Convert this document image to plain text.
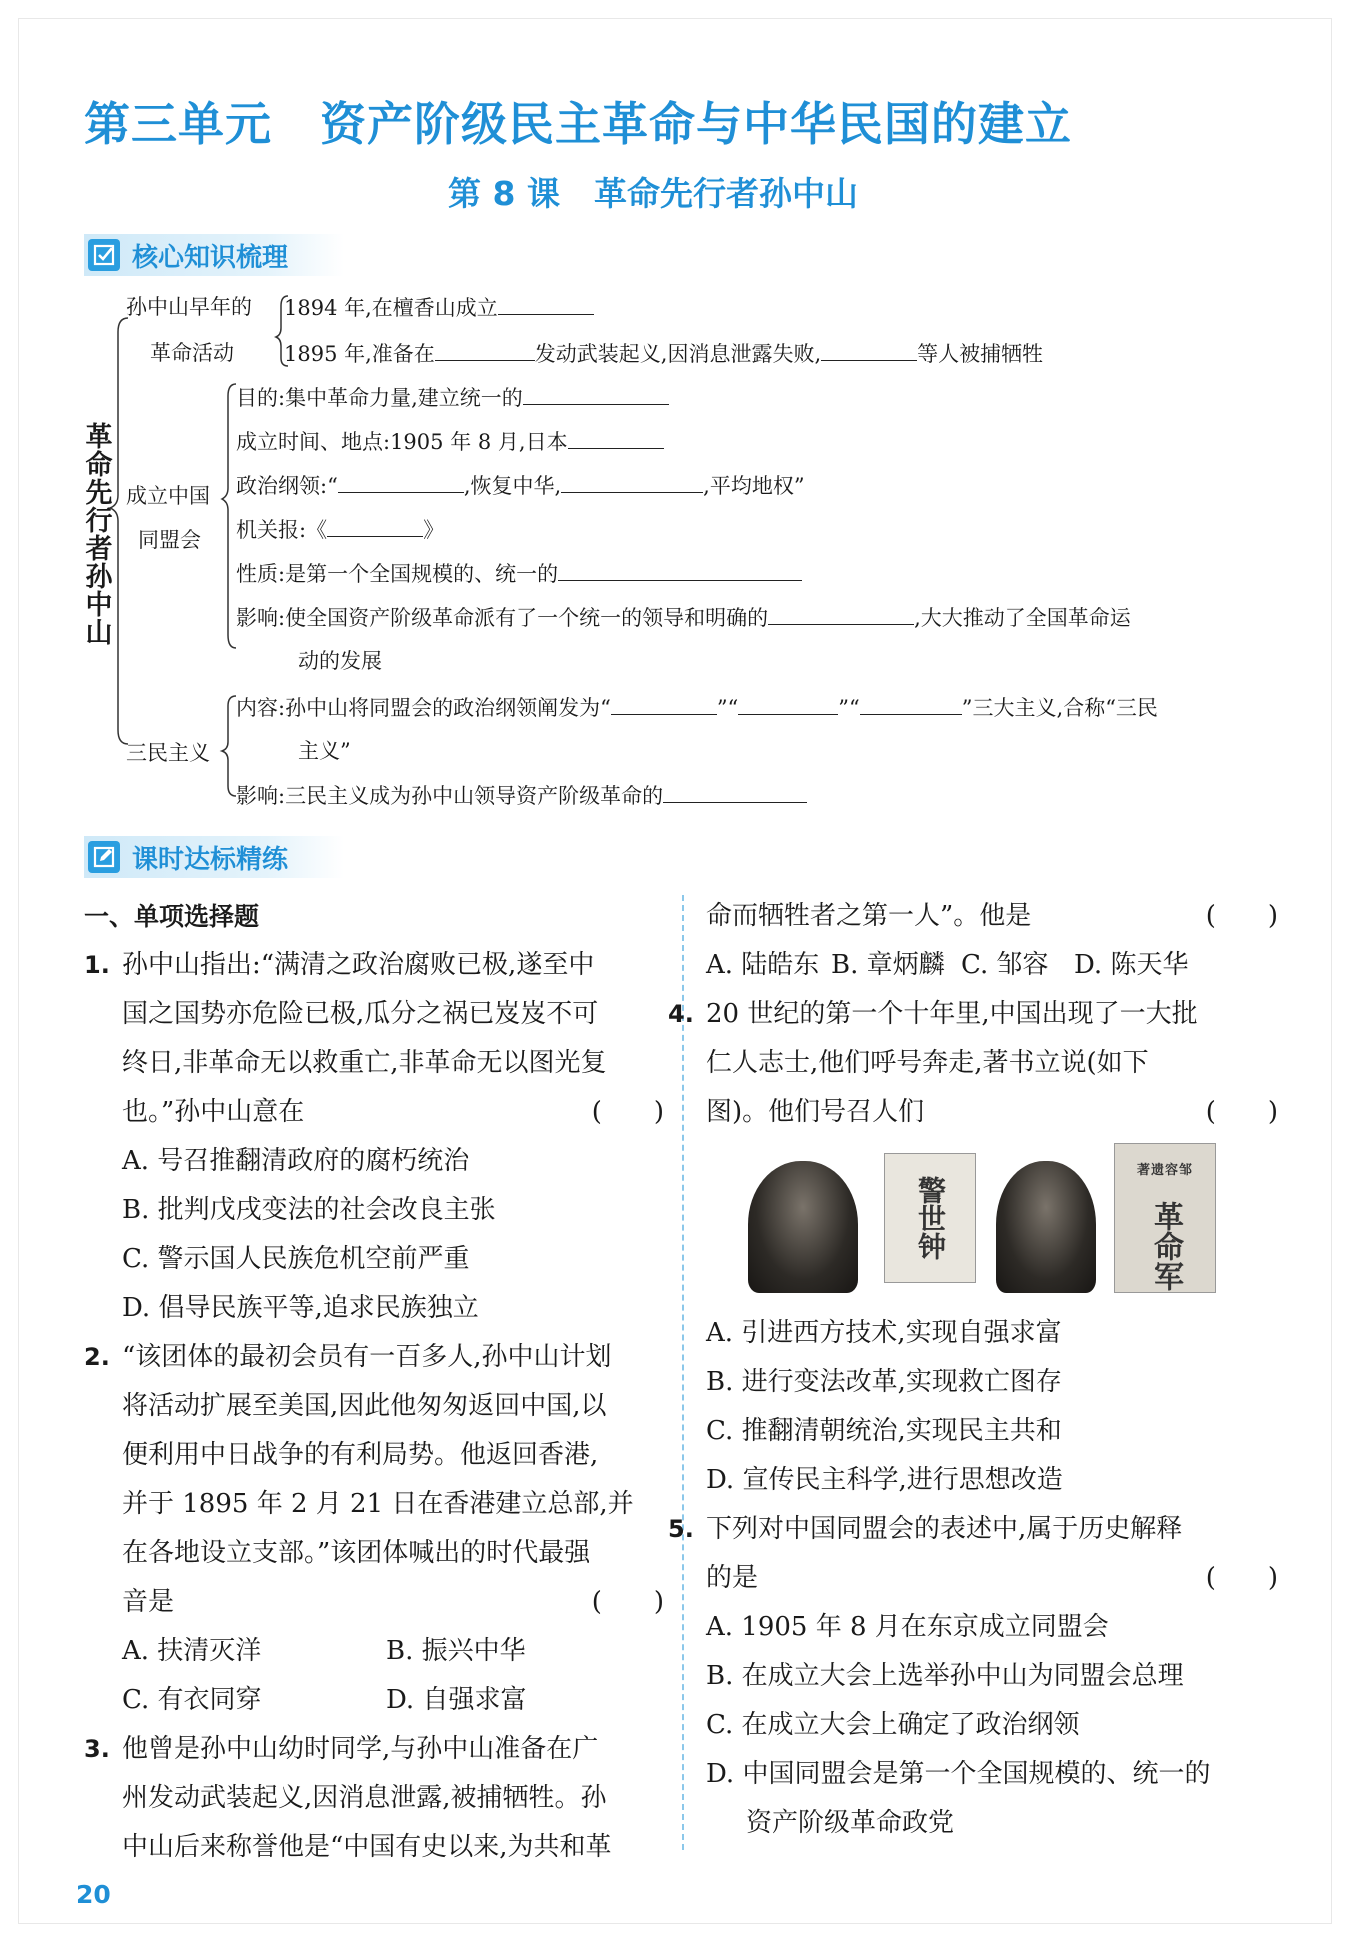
第三单元 资产阶级民主革命与中华民国的建立
第 8 课 革命先行者孙中山
核心知识梳理
革
命
先
行
者
孙
中
山
孙中山早年的
革命活动
1894 年,在檀香山成立
1895 年,准备在	发动武装起义,因消息泄露失败,	等人被捕牺牲
成立中国
同盟会
目的:集中革命力量,建立统一的
成立时间、地点:1905 年 8 月,日本
政治纲领:“	,恢复中华,	,平均地权”
机关报:《	》
性质:是第一个全国规模的、统一的
影响:使全国资产阶级革命派有了一个统一的领导和明确的	,大大推动了全国革命运
动的发展
三民主义
内容:孙中山将同盟会的政治纲领阐发为“	”“	”“	”三大主义,合称“三民
主义”
影响:三民主义成为孙中山领导资产阶级革命的
课时达标精练
一、单项选择题
1. 孙中山指出:“满清之政治腐败已极,遂至中
国之国势亦危险已极,瓜分之祸已岌岌不可
终日,非革命无以救重亡,非革命无以图光复
也。”孙中山意在	(　　)
A. 号召推翻清政府的腐朽统治
B. 批判戊戌变法的社会改良主张
C. 警示国人民族危机空前严重
D. 倡导民族平等,追求民族独立
2. “该团体的最初会员有一百多人,孙中山计划
将活动扩展至美国,因此他匆匆返回中国,以
便利用中日战争的有利局势。他返回香港,
并于 1895 年 2 月 21 日在香港建立总部,并
在各地设立支部。”该团体喊出的时代最强
音是	(　　)
A. 扶清灭洋	B. 振兴中华
C. 有衣同穿	D. 自强求富
3. 他曾是孙中山幼时同学,与孙中山准备在广
州发动武装起义,因消息泄露,被捕牺牲。孙
中山后来称誉他是“中国有史以来,为共和革
命而牺牲者之第一人”。他是	(　　)
A. 陆皓东 B. 章炳麟 C. 邹容 D. 陈天华
4. 20 世纪的第一个十年里,中国出现了一大批
仁人志士,他们呼号奔走,著书立说(如下
图)。他们号召人们	(　　)
警世钟
著遗容邹
革命军
A. 引进西方技术,实现自强求富
B. 进行变法改革,实现救亡图存
C. 推翻清朝统治,实现民主共和
D. 宣传民主科学,进行思想改造
5. 下列对中国同盟会的表述中,属于历史解释
的是	(　　)
A. 1905 年 8 月在东京成立同盟会
B. 在成立大会上选举孙中山为同盟会总理
C. 在成立大会上确定了政治纲领
D. 中国同盟会是第一个全国规模的、统一的
资产阶级革命政党
20
